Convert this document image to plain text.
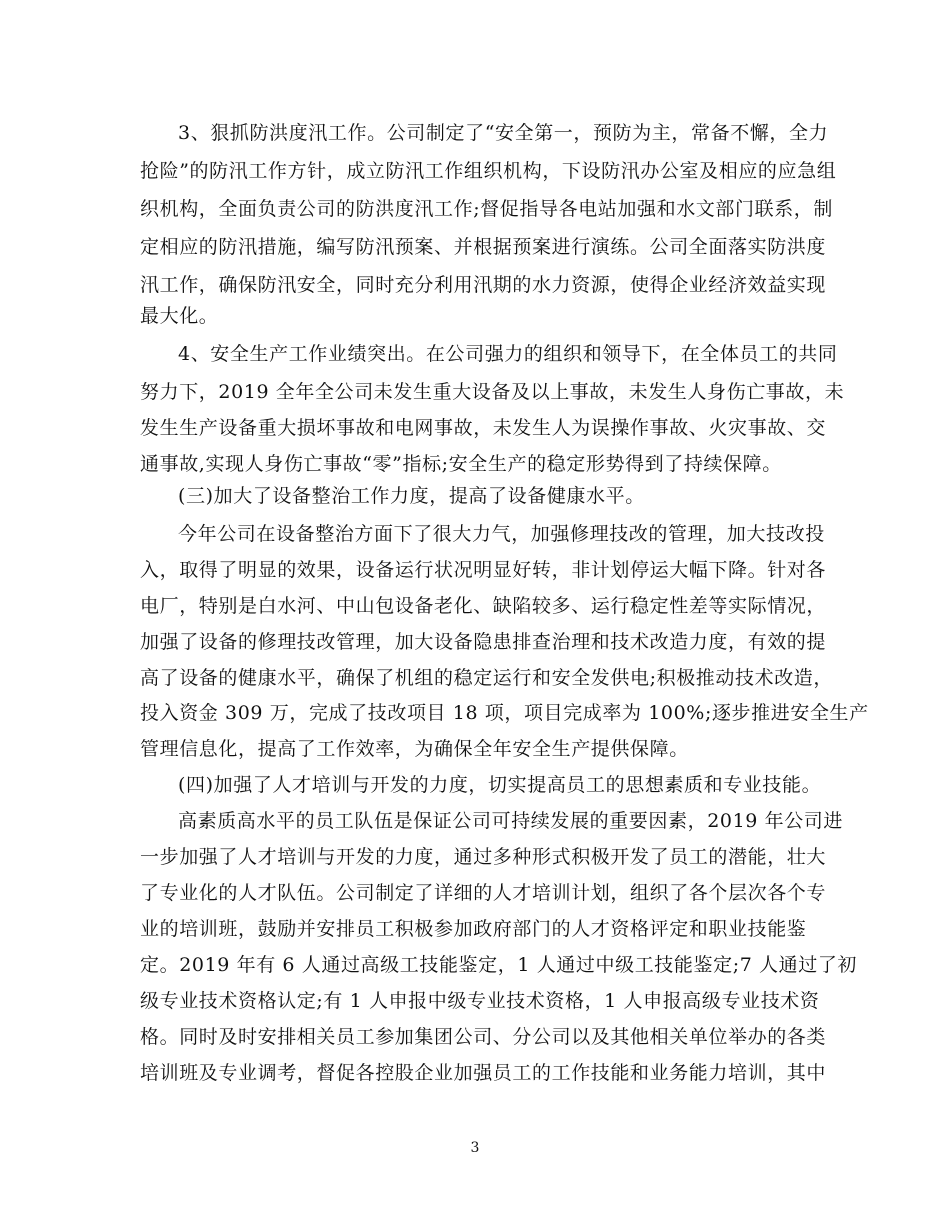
3、狠抓防洪度汛工作。公司制定了“安全第一，预防为主，常备不懈，全力
抢险”的防汛工作方针，成立防汛工作组织机构，下设防汛办公室及相应的应急组
织机构，全面负责公司的防洪度汛工作;督促指导各电站加强和水文部门联系，制
定相应的防汛措施，编写防汛预案、并根据预案进行演练。公司全面落实防洪度
汛工作，确保防汛安全，同时充分利用汛期的水力资源，使得企业经济效益实现
最大化。
4、安全生产工作业绩突出。在公司强力的组织和领导下，在全体员工的共同
努力下，2019 全年全公司未发生重大设备及以上事故，未发生人身伤亡事故，未
发生生产设备重大损坏事故和电网事故，未发生人为误操作事故、火灾事故、交
通事故,实现人身伤亡事故“零”指标;安全生产的稳定形势得到了持续保障。
(三)加大了设备整治工作力度，提高了设备健康水平。
今年公司在设备整治方面下了很大力气，加强修理技改的管理，加大技改投
入，取得了明显的效果，设备运行状况明显好转，非计划停运大幅下降。针对各
电厂，特别是白水河、中山包设备老化、缺陷较多、运行稳定性差等实际情况，
加强了设备的修理技改管理，加大设备隐患排查治理和技术改造力度，有效的提
高了设备的健康水平，确保了机组的稳定运行和安全发供电;积极推动技术改造，
投入资金 309 万，完成了技改项目 18 项，项目完成率为 100%;逐步推进安全生产
管理信息化，提高了工作效率，为确保全年安全生产提供保障。
(四)加强了人才培训与开发的力度，切实提高员工的思想素质和专业技能。
高素质高水平的员工队伍是保证公司可持续发展的重要因素，2019 年公司进
一步加强了人才培训与开发的力度，通过多种形式积极开发了员工的潜能，壮大
了专业化的人才队伍。公司制定了详细的人才培训计划，组织了各个层次各个专
业的培训班，鼓励并安排员工积极参加政府部门的人才资格评定和职业技能鉴
定。2019 年有 6 人通过高级工技能鉴定，1 人通过中级工技能鉴定;7 人通过了初
级专业技术资格认定;有 1 人申报中级专业技术资格，1 人申报高级专业技术资
格。同时及时安排相关员工参加集团公司、分公司以及其他相关单位举办的各类
培训班及专业调考，督促各控股企业加强员工的工作技能和业务能力培训，其中
3
